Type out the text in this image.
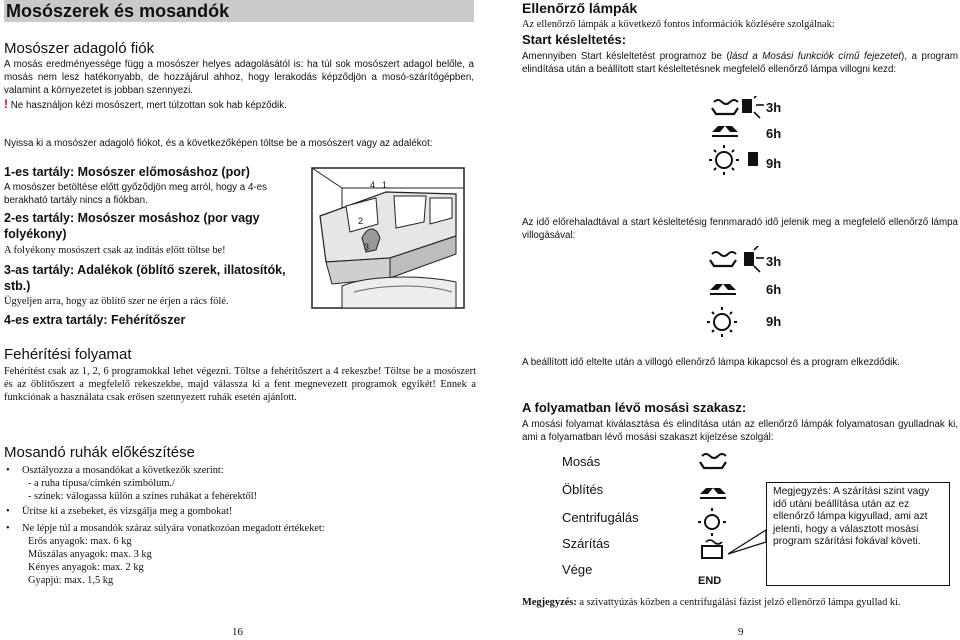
Mosószerek és mosandók
Mosószer adagoló fiók
A mosás eredményessége függ a mosószer helyes adagolásától is: ha túl sok mosószert adagol belőle, a mosás nem lesz hatékonyabb, de hozzájárul ahhoz, hogy lerakodás képződjön a mosó-szárítógépben, valamint a környezetet is jobban szennyezi.
! Ne használjon kézi mosószert, mert túlzottan sok hab képződik.
Nyissa ki a mosószer adagoló fiókot, és a következőképen töltse be a mosószert vagy az adalékot:
1-es tartály: Mosószer előmosáshoz (por)
A mosószer betöltése előtt győződjön meg arról, hogy a 4-es berakható tartály nincs a fiókban.
2-es tartály: Mosószer mosáshoz (por vagy folyékony)
A folyékony mosószert csak az indítás előtt töltse be!
3-as tartály: Adalékok (öblítő szerek, illatosítók, stb.)
Ügyeljen arra, hogy az öblítő szer ne érjen a rács fölé.
4-es extra tartály: Fehérítőszer
4 1
2
3
Fehérítési folyamat
Fehérítést csak az 1, 2, 6 programokkal lehet végezni. Töltse a fehérítőszert a 4 rekeszbe! Töltse be a mosószert és az öblítőszert a megfelelő rekeszekbe, majd válassza ki a fent megnevezett programok egyikét! Ennek a funkciónak a használata csak erősen szennyezett ruhák esetén ajánlott.
Mosandó ruhák előkészítése
• Osztályozza a mosandókat a következők szerint:
- a ruha típusa/címkén szimbólum./
- színek: válogassa külön a színes ruhákat a fehérektől!
• Ürítse ki a zsebeket, és vizsgálja meg a gombokat!
• Ne lépje túl a mosandók száraz súlyára vonatkozóan megadott értékeket:
Erős anyagok: max. 6 kg
Műszálas anyagok: max. 3 kg
Kényes anyagok: max. 2 kg
Gyapjú: max. 1,5 kg
16
Ellenőrző lámpák
Az ellenőrző lámpák a következő fontos információk közlésére szolgálnak:
Start késleltetés:
Amennyiben Start késleltetést programoz be (lásd a Mosási funkciók című fejezetet), a program elindítása után a beállított start késleltetésnek megfelelő ellenőrző lámpa villogni kezd:
3h
6h
9h
Az idő előrehaladtával a start késleltetésig fennmaradó idő jelenik meg a megfelelő ellenőrző lámpa villogásával:
3h
6h
9h
A beállított idő eltelte után a villogó ellenőrző lámpa kikapcsol és a program elkezdődik.
A folyamatban lévő mosási szakasz:
A mosási folyamat kiválasztása és elindítása után az ellenőrző lámpák folyamatosan gyulladnak ki, ami a folyamatban lévő mosási szakaszt kijelzése szolgál:
Mosás
Öblítés
Centrifugálás
Szárítás
Vége
END
Megjegyzés: A szárítási szint vagy idő utáni beállítása után az ez ellenőrző lámpa kigyullad, ami azt jelenti, hogy a választott mosási program szárítási fokával követi.
Megjegyzés: a szivattyúzás közben a centrifugálási fázist jelző ellenőrző lámpa gyullad ki.
9
